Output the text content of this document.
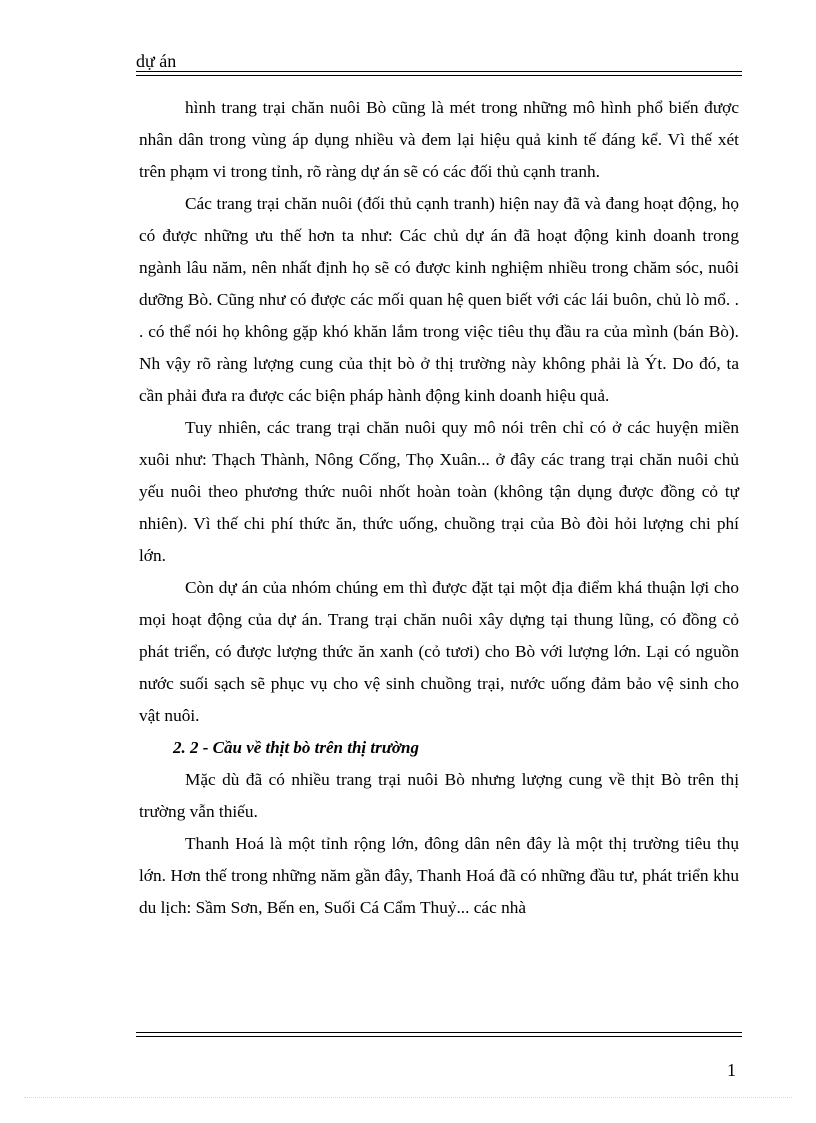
dự án

hình trang trại chăn nuôi Bò cũng là mét trong những mô hình phổ biến được nhân dân trong vùng áp dụng nhiều và đem lại hiệu quả kinh tế đáng kể. Vì thế xét trên phạm vi trong tỉnh, rõ ràng dự án sẽ có các đối thủ cạnh tranh.

Các trang trại chăn nuôi (đối thủ cạnh tranh) hiện nay đã và đang hoạt động, họ có được những ưu thế hơn ta như: Các chủ dự án đã hoạt động kinh doanh trong ngành lâu năm, nên nhất định họ sẽ có được kinh nghiệm nhiều trong chăm sóc, nuôi dưỡng Bò. Cũng như có được các mối quan hệ quen biết với các lái buôn, chủ lò mổ. . . có thể nói họ không gặp khó khăn lắm trong việc tiêu thụ đầu ra của mình (bán Bò). Nh vậy rõ ràng lượng cung của thịt bò ở thị trường này không phải là Ýt. Do đó, ta cần phải đưa ra được các biện pháp hành động kinh doanh hiệu quả.

Tuy nhiên, các trang trại chăn nuôi quy mô nói trên chỉ có ở các huyện miền xuôi như: Thạch Thành, Nông Cống, Thọ Xuân... ở đây các trang trại chăn nuôi chủ yếu nuôi theo phương thức nuôi nhốt hoàn toàn (không tận dụng được đồng cỏ tự nhiên). Vì thế chi phí thức ăn, thức uống, chuồng trại của Bò đòi hỏi lượng chi phí lớn.

Còn dự án của nhóm chúng em thì được đặt tại một địa điểm khá thuận lợi cho mọi hoạt động của dự án. Trang trại chăn nuôi xây dựng tại thung lũng, có đồng cỏ phát triển, có được lượng thức ăn xanh (cỏ tươi) cho Bò với lượng lớn. Lại có nguồn nước suối sạch sẽ phục vụ cho vệ sinh chuồng trại, nước uống đảm bảo vệ sinh cho vật nuôi.

2. 2 - Cầu về thịt bò trên thị trường

Mặc dù đã có nhiều trang trại nuôi Bò nhưng lượng cung về thịt Bò trên thị trường vẫn thiếu.

Thanh Hoá là một tỉnh rộng lớn, đông dân nên đây là một thị trường tiêu thụ lớn. Hơn thế trong những năm gần đây, Thanh Hoá đã có những đầu tư, phát triển khu du lịch: Sầm Sơn, Bến en, Suối Cá Cẩm Thuỷ... các nhà

1
